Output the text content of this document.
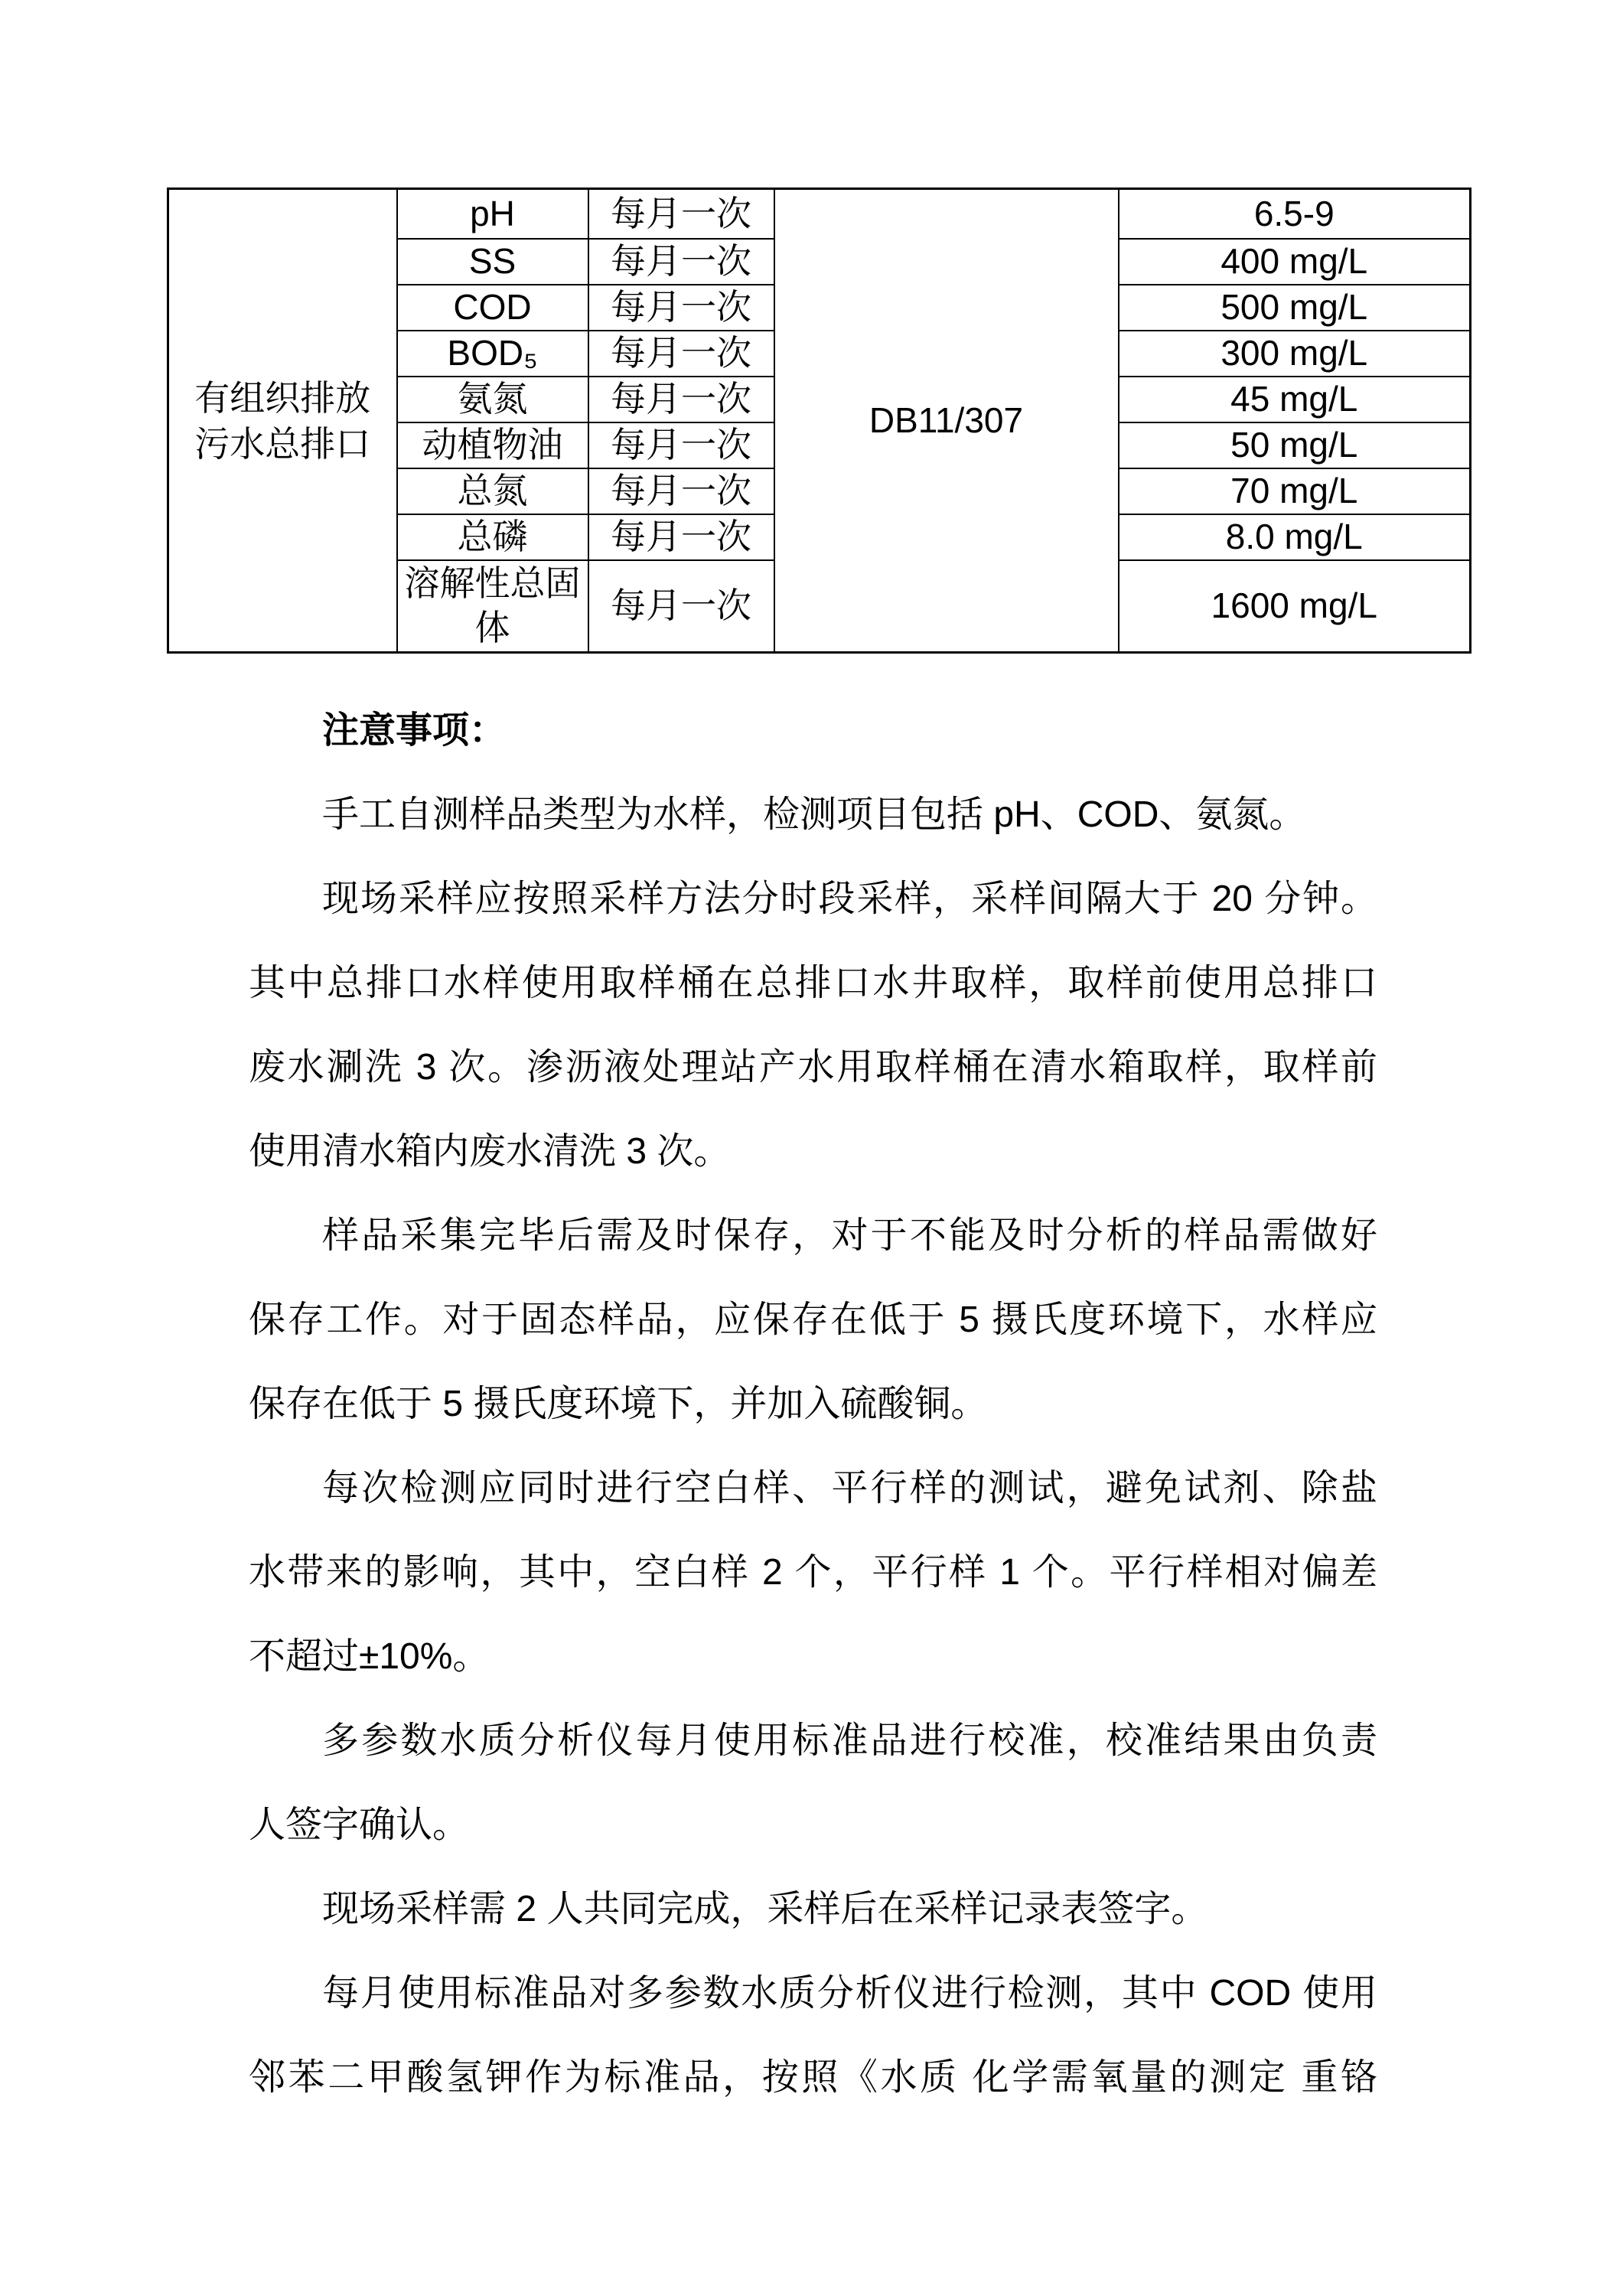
有组织排放
污水总排口	pH	每月一次	DB11/307	6.5-9
	SS	每月一次		400 mg/L
	COD	每月一次		500 mg/L
	BOD₅	每月一次		300 mg/L
	氨氮	每月一次		45 mg/L
	动植物油	每月一次		50 mg/L
	总氮	每月一次		70 mg/L
	总磷	每月一次		8.0 mg/L
	溶解性总固体	每月一次		1600 mg/L
注意事项：
手工自测样品类型为水样，检测项目包括 pH、COD、氨氮。
现场采样应按照采样方法分时段采样，采样间隔大于 20 分钟。
其中总排口水样使用取样桶在总排口水井取样，取样前使用总排口
废水涮洗 3 次。渗沥液处理站产水用取样桶在清水箱取样，取样前
使用清水箱内废水清洗 3 次。
样品采集完毕后需及时保存，对于不能及时分析的样品需做好
保存工作。对于固态样品，应保存在低于 5 摄氏度环境下，水样应
保存在低于 5 摄氏度环境下，并加入硫酸铜。
每次检测应同时进行空白样、平行样的测试，避免试剂、除盐
水带来的影响，其中，空白样 2 个，平行样 1 个。平行样相对偏差
不超过±10%。
多参数水质分析仪每月使用标准品进行校准，校准结果由负责
人签字确认。
现场采样需 2 人共同完成，采样后在采样记录表签字。
每月使用标准品对多参数水质分析仪进行检测，其中 COD 使用
邻苯二甲酸氢钾作为标准品，按照《水质 化学需氧量的测定 重铬
